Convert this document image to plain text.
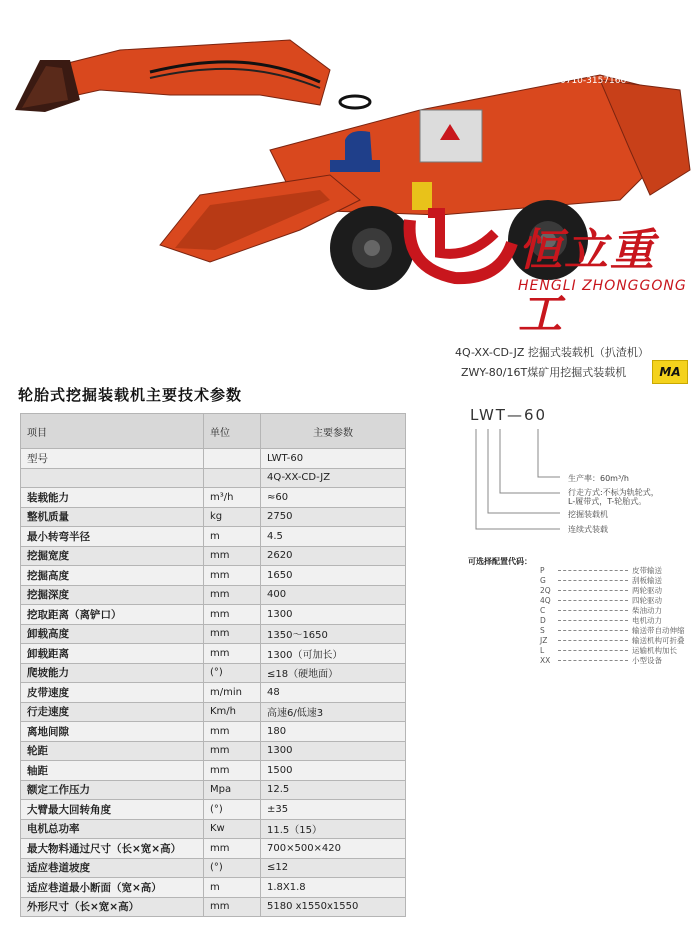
0710-3157166
恒立重工
HENGLI ZHONGGONG
4Q-XX-CD-JZ 挖掘式装载机（扒渣机）
ZWY-80/16T煤矿用挖掘式装载机	MA
轮胎式挖掘装载机主要技术参数
项目	单位	主要参数
型号		LWT-60
		4Q-XX-CD-JZ
装载能力	m³/h	≈60
整机质量	kg	2750
最小转弯半径	m	4.5
挖掘宽度	mm	2620
挖掘高度	mm	1650
挖掘深度	mm	400
挖取距离（离铲口）	mm	1300
卸载高度	mm	1350～1650
卸载距离	mm	1300（可加长）
爬坡能力	(°)	≤18（硬地面）
皮带速度	m/min	48
行走速度	Km/h	高速6/低速3
离地间隙	mm	180
轮距	mm	1300
轴距	mm	1500
额定工作压力	Mpa	12.5
大臂最大回转角度	(°)	±35
电机总功率	Kw	11.5（15）
最大物料通过尺寸（长×宽×高）	mm	700×500×420
适应巷道坡度	(°)	≤12
适应巷道最小断面（宽×高）	m	1.8X1.8
外形尺寸（长×宽×高）	mm	5180 x1550x1550
LWT—60
生产率：60m³/h
行走方式:不标为轨轮式，
L-履带式，T-轮胎式。
挖掘装载机
连续式装载
可选择配置代码：
P	皮带输送
G	刮板输送
2Q	两轮驱动
4Q	四轮驱动
C	柴油动力
D	电机动力
S	输送带自动伸缩
JZ	输送机构可折叠
L	运输机构加长
XX	小型设备
